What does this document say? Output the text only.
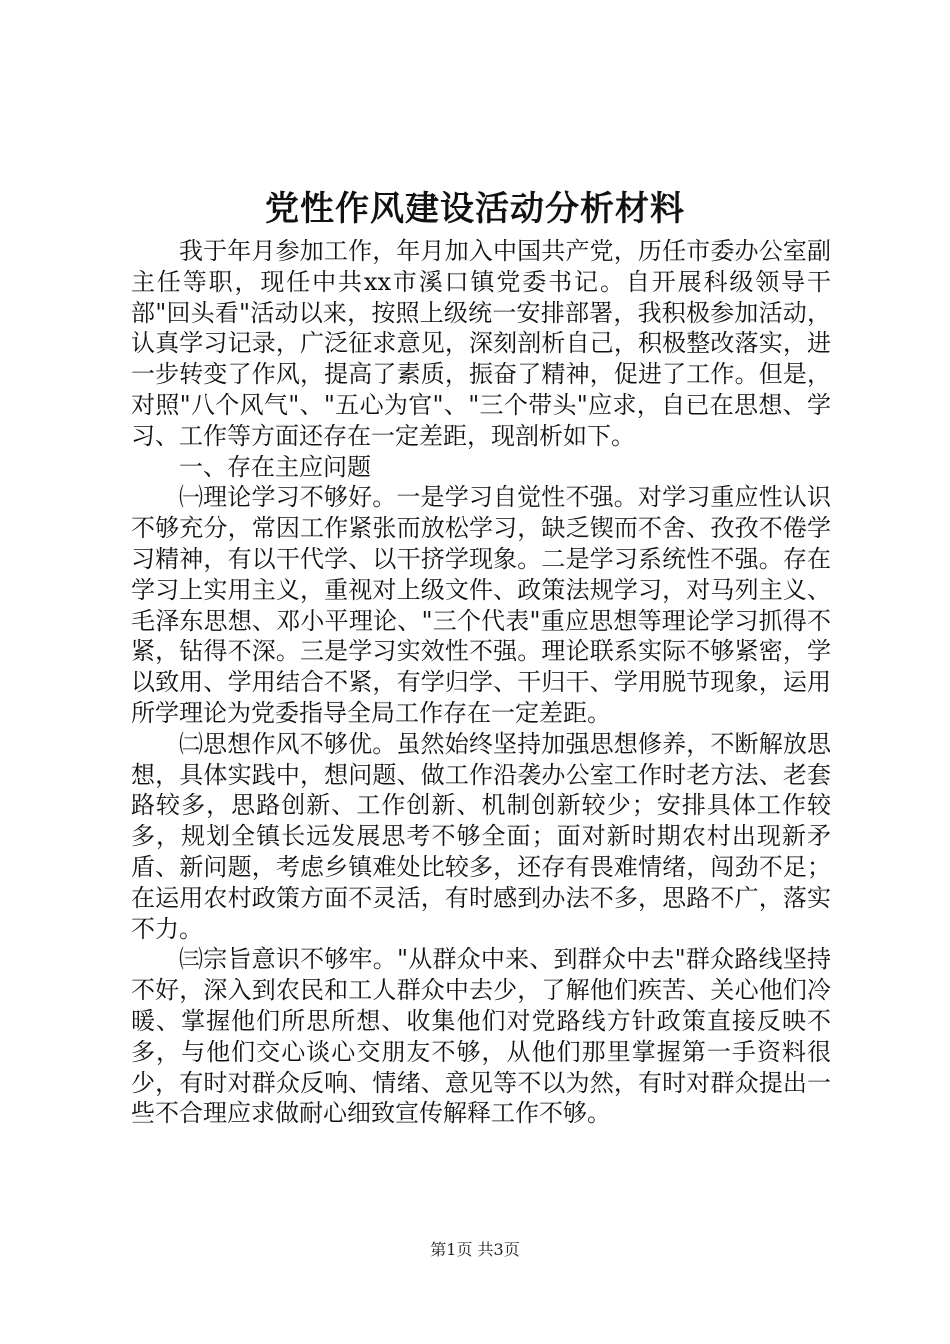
党性作风建设活动分析材料

我于年月参加工作，年月加入中国共产党，历任市委办公室副主任等职，现任中共xx市溪口镇党委书记。自开展科级领导干部"回头看"活动以来，按照上级统一安排部署，我积极参加活动，认真学习记录，广泛征求意见，深刻剖析自己，积极整改落实，进一步转变了作风，提高了素质，振奋了精神，促进了工作。但是，对照"八个风气"、"五心为官"、"三个带头"应求，自已在思想、学习、工作等方面还存在一定差距，现剖析如下。

一、存在主应问题

㈠理论学习不够好。一是学习自觉性不强。对学习重应性认识不够充分，常因工作紧张而放松学习，缺乏锲而不舍、孜孜不倦学习精神，有以干代学、以干挤学现象。二是学习系统性不强。存在学习上实用主义，重视对上级文件、政策法规学习，对马列主义、毛泽东思想、邓小平理论、"三个代表"重应思想等理论学习抓得不紧，钻得不深。三是学习实效性不强。理论联系实际不够紧密，学以致用、学用结合不紧，有学归学、干归干、学用脱节现象，运用所学理论为党委指导全局工作存在一定差距。

㈡思想作风不够优。虽然始终坚持加强思想修养，不断解放思想，具体实践中，想问题、做工作沿袭办公室工作时老方法、老套路较多，思路创新、工作创新、机制创新较少；安排具体工作较多，规划全镇长远发展思考不够全面；面对新时期农村出现新矛盾、新问题，考虑乡镇难处比较多，还存有畏难情绪，闯劲不足；在运用农村政策方面不灵活，有时感到办法不多，思路不广，落实不力。

㈢宗旨意识不够牢。"从群众中来、到群众中去"群众路线坚持不好，深入到农民和工人群众中去少，了解他们疾苦、关心他们冷暖、掌握他们所思所想、收集他们对党路线方针政策直接反映不多，与他们交心谈心交朋友不够，从他们那里掌握第一手资料很少，有时对群众反响、情绪、意见等不以为然，有时对群众提出一些不合理应求做耐心细致宣传解释工作不够。

第1页 共3页
